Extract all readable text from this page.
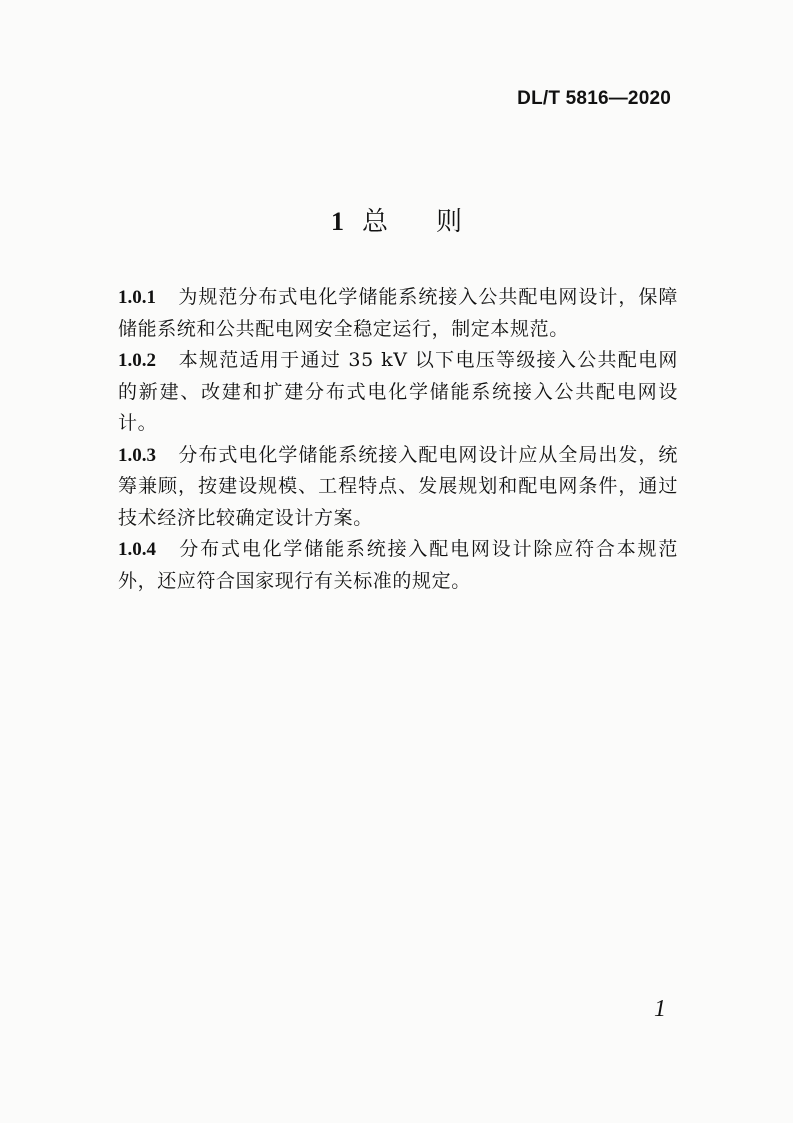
DL/T 5816—2020
1 总 则
1.0.1 为规范分布式电化学储能系统接入公共配电网设计，保障储能系统和公共配电网安全稳定运行，制定本规范。
1.0.2 本规范适用于通过 35 kV 以下电压等级接入公共配电网的新建、改建和扩建分布式电化学储能系统接入公共配电网设计。
1.0.3 分布式电化学储能系统接入配电网设计应从全局出发，统筹兼顾，按建设规模、工程特点、发展规划和配电网条件，通过技术经济比较确定设计方案。
1.0.4 分布式电化学储能系统接入配电网设计除应符合本规范外，还应符合国家现行有关标准的规定。
1
